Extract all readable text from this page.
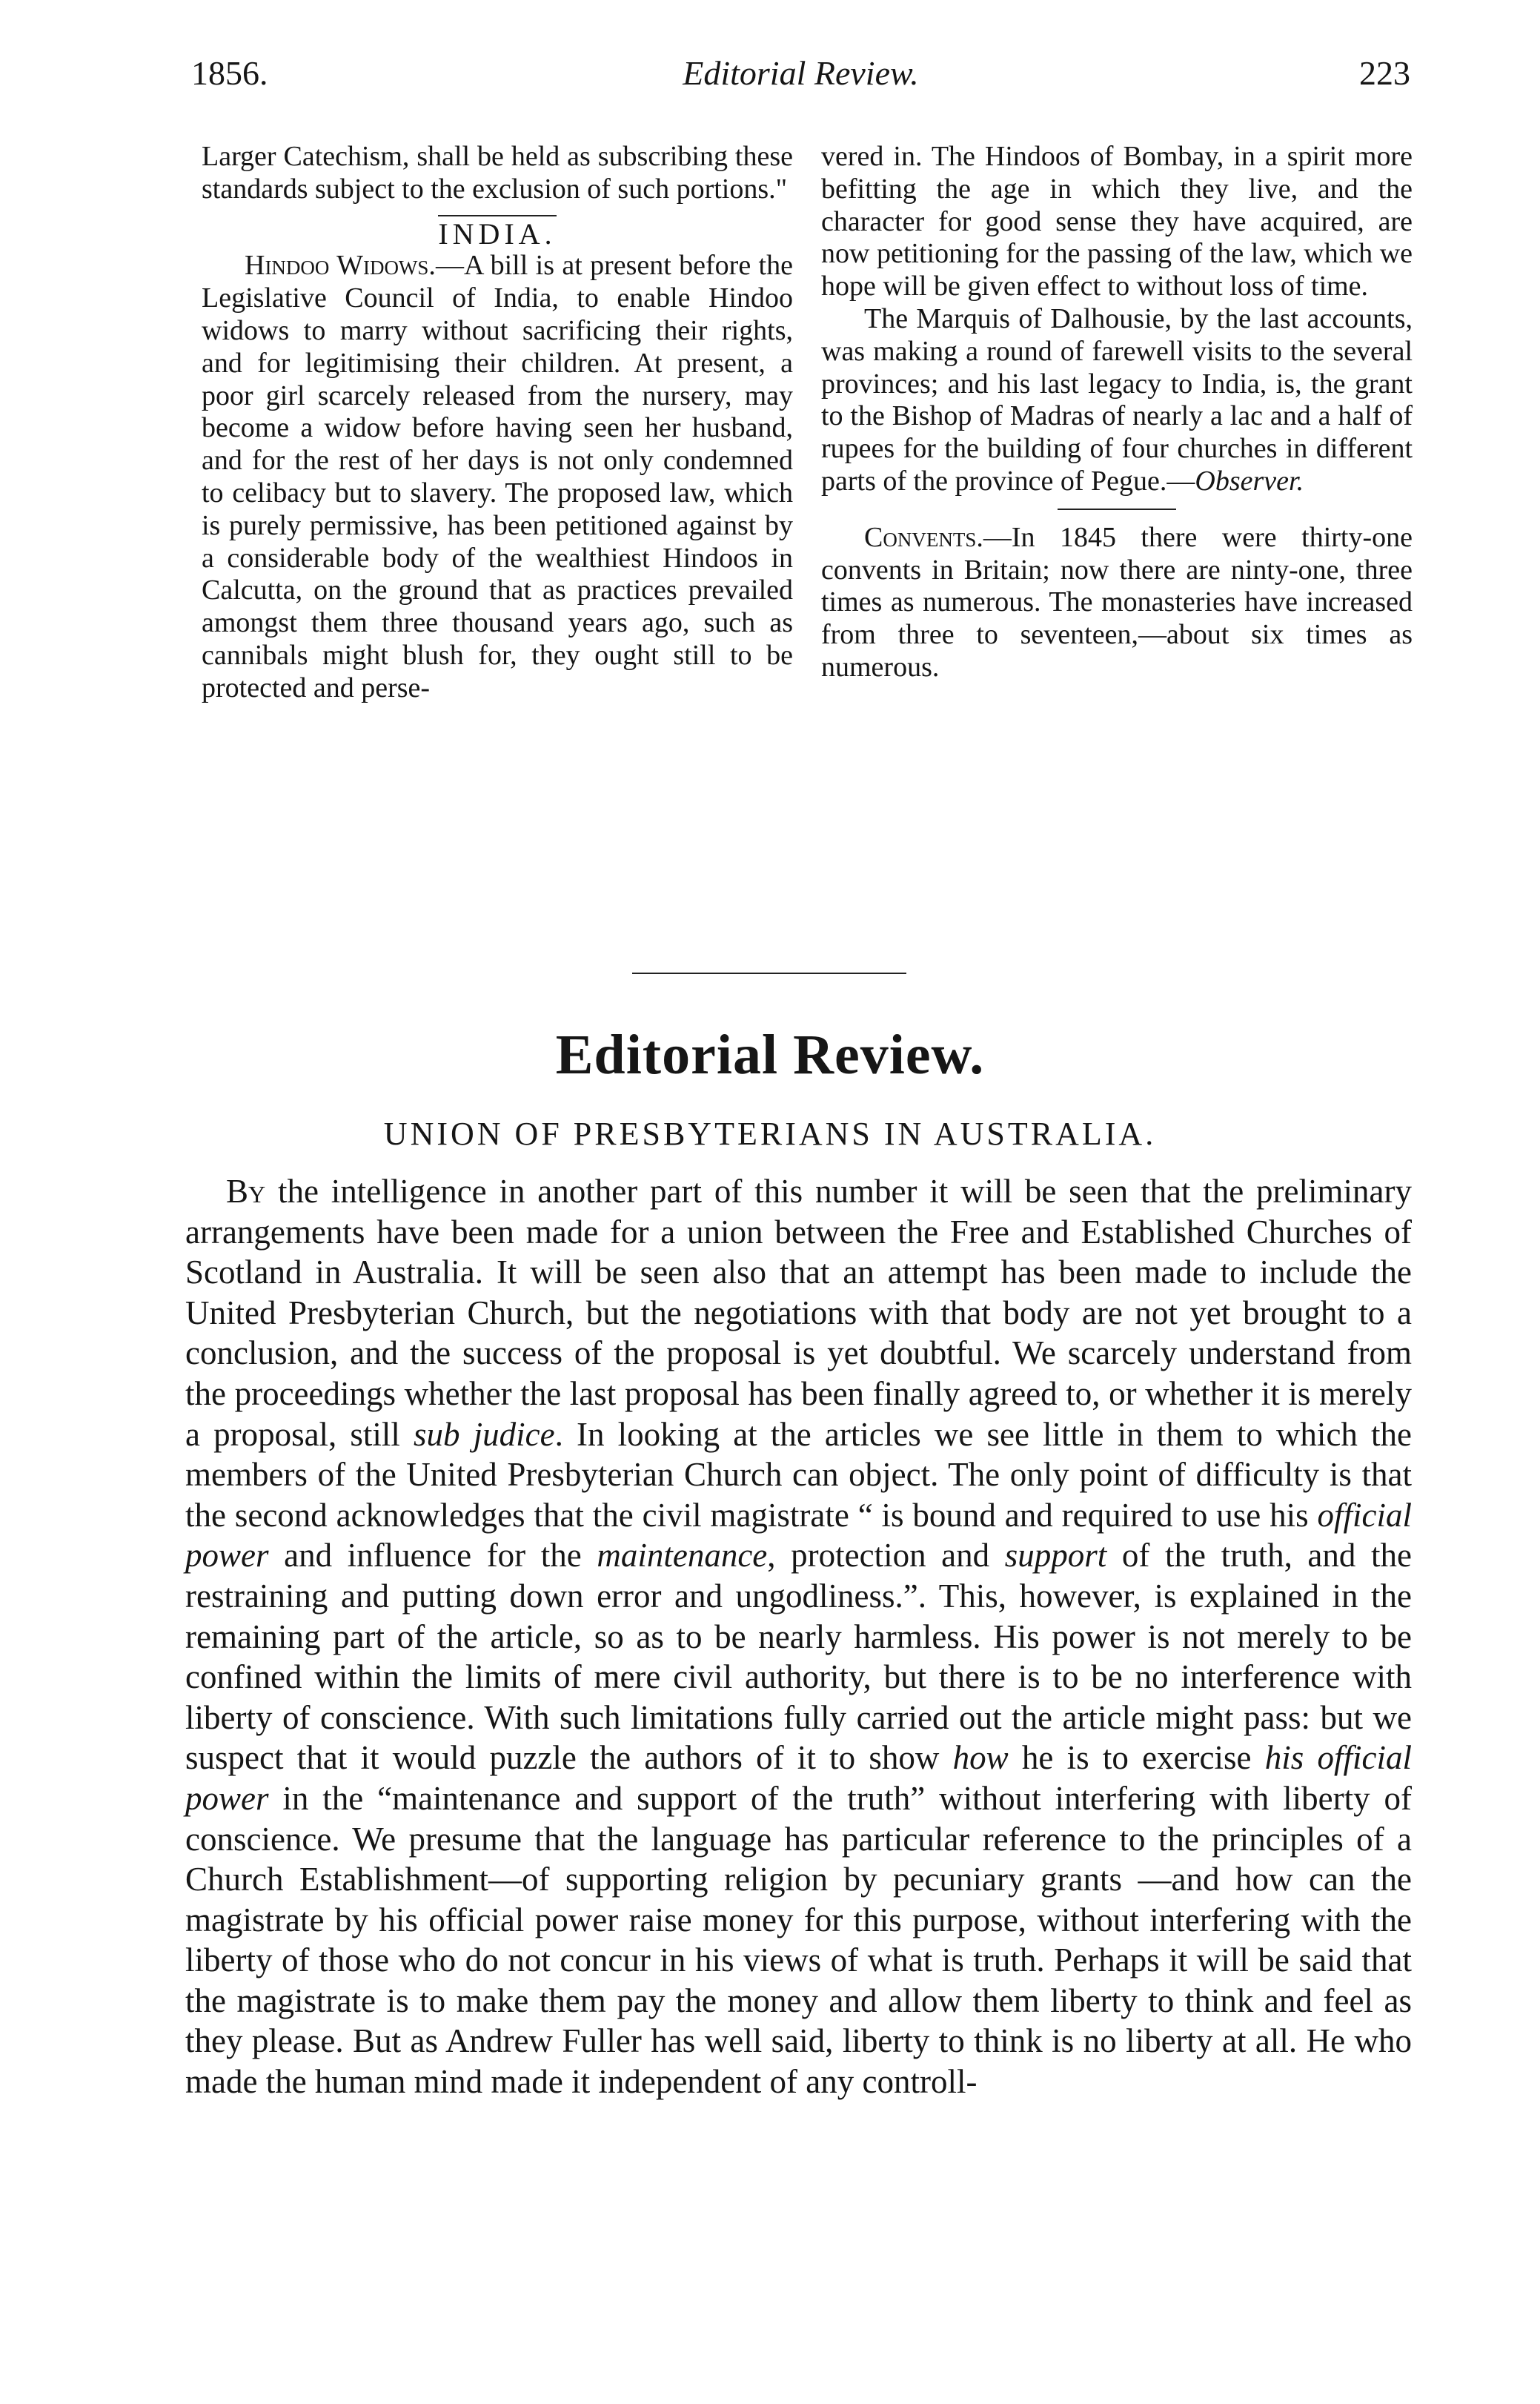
1856.	Editorial Review.	223

Larger Catechism, shall be held as subscribing these standards subject to the exclusion of such portions."

INDIA.

Hindoo Widows.—A bill is at present before the Legislative Council of India, to enable Hindoo widows to marry without sacrificing their rights, and for legitimising their children. At present, a poor girl scarcely released from the nursery, may become a widow before having seen her husband, and for the rest of her days is not only condemned to celibacy but to slavery. The proposed law, which is purely permissive, has been petitioned against by a considerable body of the wealthiest Hindoos in Calcutta, on the ground that as practices prevailed amongst them three thousand years ago, such as cannibals might blush for, they ought still to be protected and perse-

vered in. The Hindoos of Bombay, in a spirit more befitting the age in which they live, and the character for good sense they have acquired, are now petitioning for the passing of the law, which we hope will be given effect to without loss of time.

The Marquis of Dalhousie, by the last accounts, was making a round of farewell visits to the several provinces; and his last legacy to India, is, the grant to the Bishop of Madras of nearly a lac and a half of rupees for the building of four churches in different parts of the province of Pegue.—Observer.

Convents.—In 1845 there were thirty-one convents in Britain; now there are ninty-one, three times as numerous. The monasteries have increased from three to seventeen,—about six times as numerous.

Editorial Review.
UNION OF PRESBYTERIANS IN AUSTRALIA.

By the intelligence in another part of this number it will be seen that the preliminary arrangements have been made for a union between the Free and Established Churches of Scotland in Australia. It will be seen also that an attempt has been made to include the United Presbyterian Church, but the negotiations with that body are not yet brought to a conclusion, and the success of the proposal is yet doubtful. We scarcely understand from the proceedings whether the last proposal has been finally agreed to, or whether it is merely a proposal, still sub judice. In looking at the articles we see little in them to which the members of the United Presbyterian Church can object. The only point of difficulty is that the second acknowledges that the civil magistrate “ is bound and required to use his official power and influence for the maintenance, protection and support of the truth, and the restraining and putting down error and ungodliness.”. This, however, is explained in the remaining part of the article, so as to be nearly harmless. His power is not merely to be confined within the limits of mere civil authority, but there is to be no interference with liberty of conscience. With such limitations fully carried out the article might pass: but we suspect that it would puzzle the authors of it to show how he is to exercise his official power in the “maintenance and support of the truth” without interfering with liberty of conscience. We presume that the language has particular reference to the principles of a Church Establishment—of supporting religion by pecuniary grants —and how can the magistrate by his official power raise money for this purpose, without interfering with the liberty of those who do not concur in his views of what is truth. Perhaps it will be said that the magistrate is to make them pay the money and allow them liberty to think and feel as they please. But as Andrew Fuller has well said, liberty to think is no liberty at all. He who made the human mind made it independent of any controll-
